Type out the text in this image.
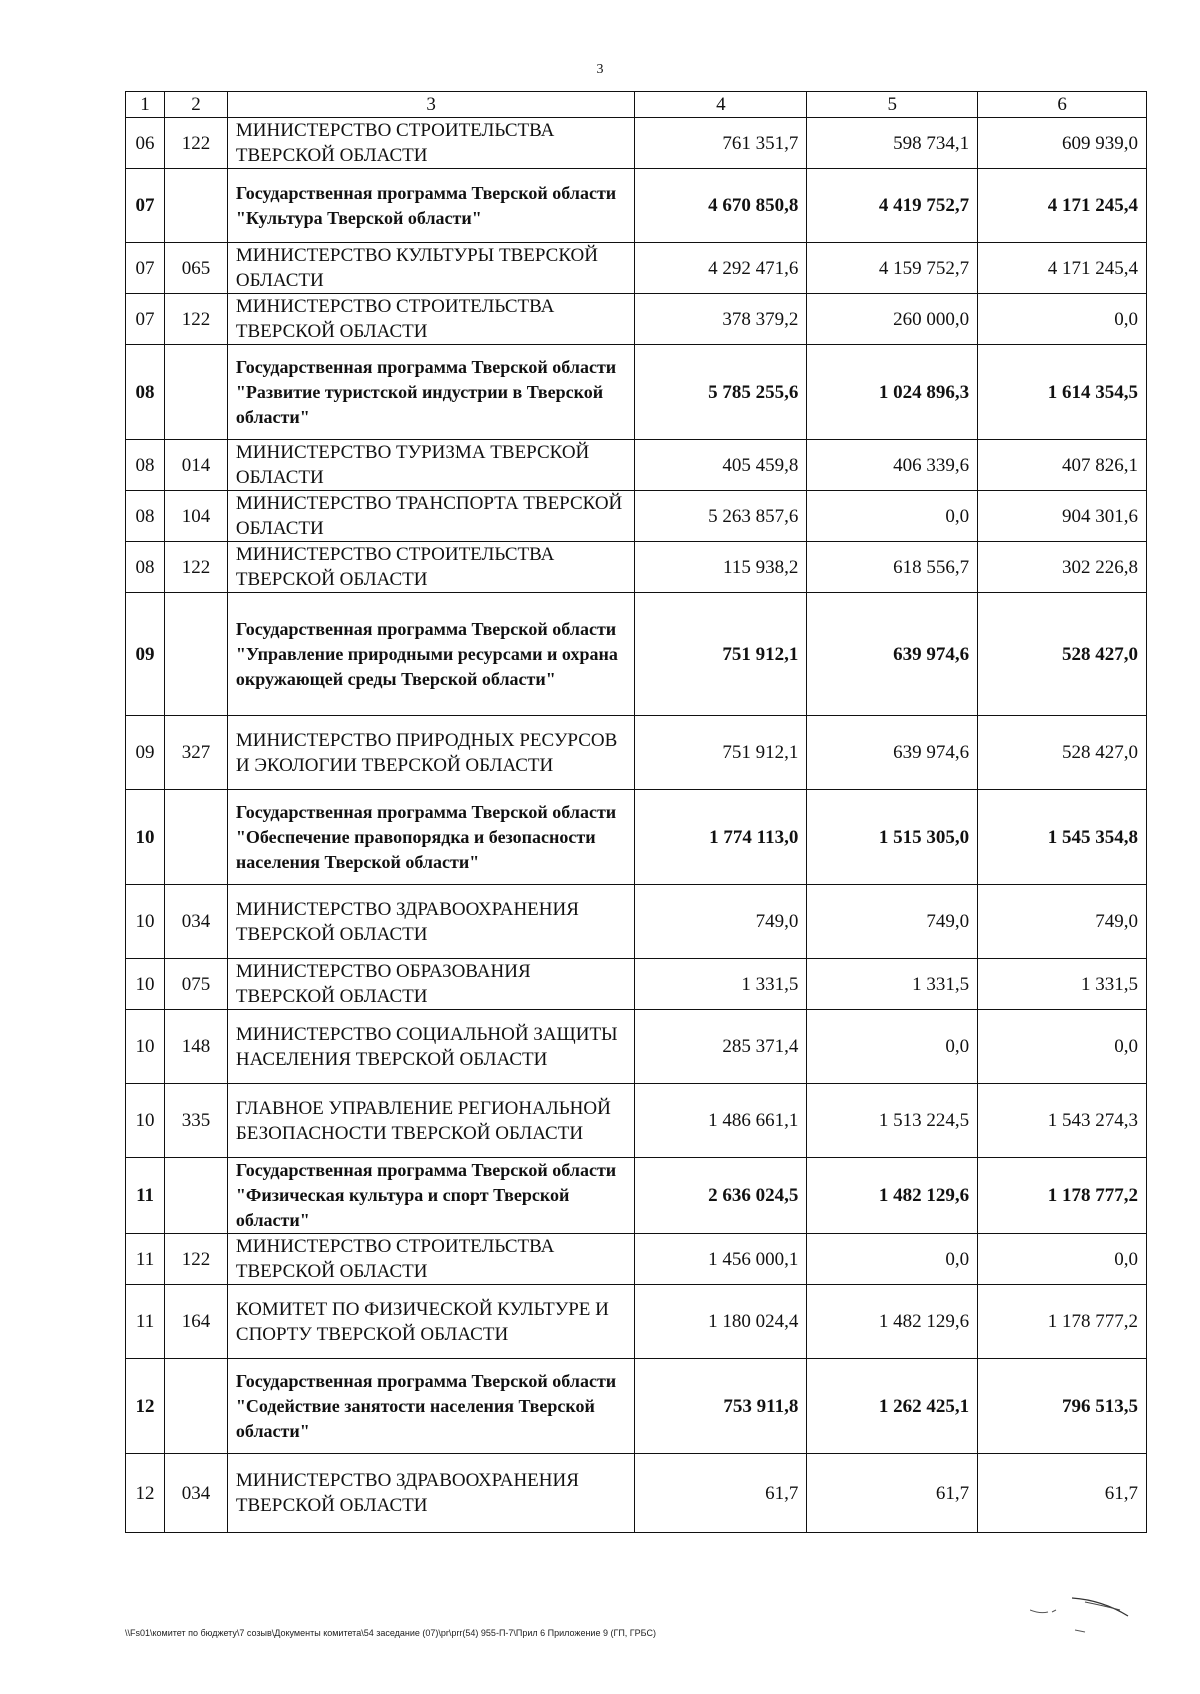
3
1	2	3	4	5	6
06	122	МИНИСТЕРСТВО СТРОИТЕЛЬСТВА ТВЕРСКОЙ ОБЛАСТИ	761 351,7	598 734,1	609 939,0
07		Государственная программа Тверской области "Культура Тверской области"	4 670 850,8	4 419 752,7	4 171 245,4
07	065	МИНИСТЕРСТВО КУЛЬТУРЫ ТВЕРСКОЙ ОБЛАСТИ	4 292 471,6	4 159 752,7	4 171 245,4
07	122	МИНИСТЕРСТВО СТРОИТЕЛЬСТВА ТВЕРСКОЙ ОБЛАСТИ	378 379,2	260 000,0	0,0
08		Государственная программа Тверской области "Развитие туристской индустрии в Тверской области"	5 785 255,6	1 024 896,3	1 614 354,5
08	014	МИНИСТЕРСТВО ТУРИЗМА ТВЕРСКОЙ ОБЛАСТИ	405 459,8	406 339,6	407 826,1
08	104	МИНИСТЕРСТВО ТРАНСПОРТА ТВЕРСКОЙ ОБЛАСТИ	5 263 857,6	0,0	904 301,6
08	122	МИНИСТЕРСТВО СТРОИТЕЛЬСТВА ТВЕРСКОЙ ОБЛАСТИ	115 938,2	618 556,7	302 226,8
09		Государственная программа Тверской области "Управление природными ресурсами и охрана окружающей среды Тверской области"	751 912,1	639 974,6	528 427,0
09	327	МИНИСТЕРСТВО ПРИРОДНЫХ РЕСУРСОВ И ЭКОЛОГИИ ТВЕРСКОЙ ОБЛАСТИ	751 912,1	639 974,6	528 427,0
10		Государственная программа Тверской области "Обеспечение правопорядка и безопасности населения Тверской области"	1 774 113,0	1 515 305,0	1 545 354,8
10	034	МИНИСТЕРСТВО ЗДРАВООХРАНЕНИЯ ТВЕРСКОЙ ОБЛАСТИ	749,0	749,0	749,0
10	075	МИНИСТЕРСТВО ОБРАЗОВАНИЯ ТВЕРСКОЙ ОБЛАСТИ	1 331,5	1 331,5	1 331,5
10	148	МИНИСТЕРСТВО СОЦИАЛЬНОЙ ЗАЩИТЫ НАСЕЛЕНИЯ ТВЕРСКОЙ ОБЛАСТИ	285 371,4	0,0	0,0
10	335	ГЛАВНОЕ УПРАВЛЕНИЕ РЕГИОНАЛЬНОЙ БЕЗОПАСНОСТИ ТВЕРСКОЙ ОБЛАСТИ	1 486 661,1	1 513 224,5	1 543 274,3
11		Государственная программа Тверской области "Физическая культура и спорт Тверской области"	2 636 024,5	1 482 129,6	1 178 777,2
11	122	МИНИСТЕРСТВО СТРОИТЕЛЬСТВА ТВЕРСКОЙ ОБЛАСТИ	1 456 000,1	0,0	0,0
11	164	КОМИТЕТ ПО ФИЗИЧЕСКОЙ КУЛЬТУРЕ И СПОРТУ ТВЕРСКОЙ ОБЛАСТИ	1 180 024,4	1 482 129,6	1 178 777,2
12		Государственная программа Тверской области "Содействие занятости населения Тверской области"	753 911,8	1 262 425,1	796 513,5
12	034	МИНИСТЕРСТВО ЗДРАВООХРАНЕНИЯ ТВЕРСКОЙ ОБЛАСТИ	61,7	61,7	61,7
\\Fs01\комитет по бюджету\7 созыв\Документы комитета\54 заседание (07)\pr\prr(54) 955-П-7\Прил 6 Приложение 9 (ГП, ГРБС)
